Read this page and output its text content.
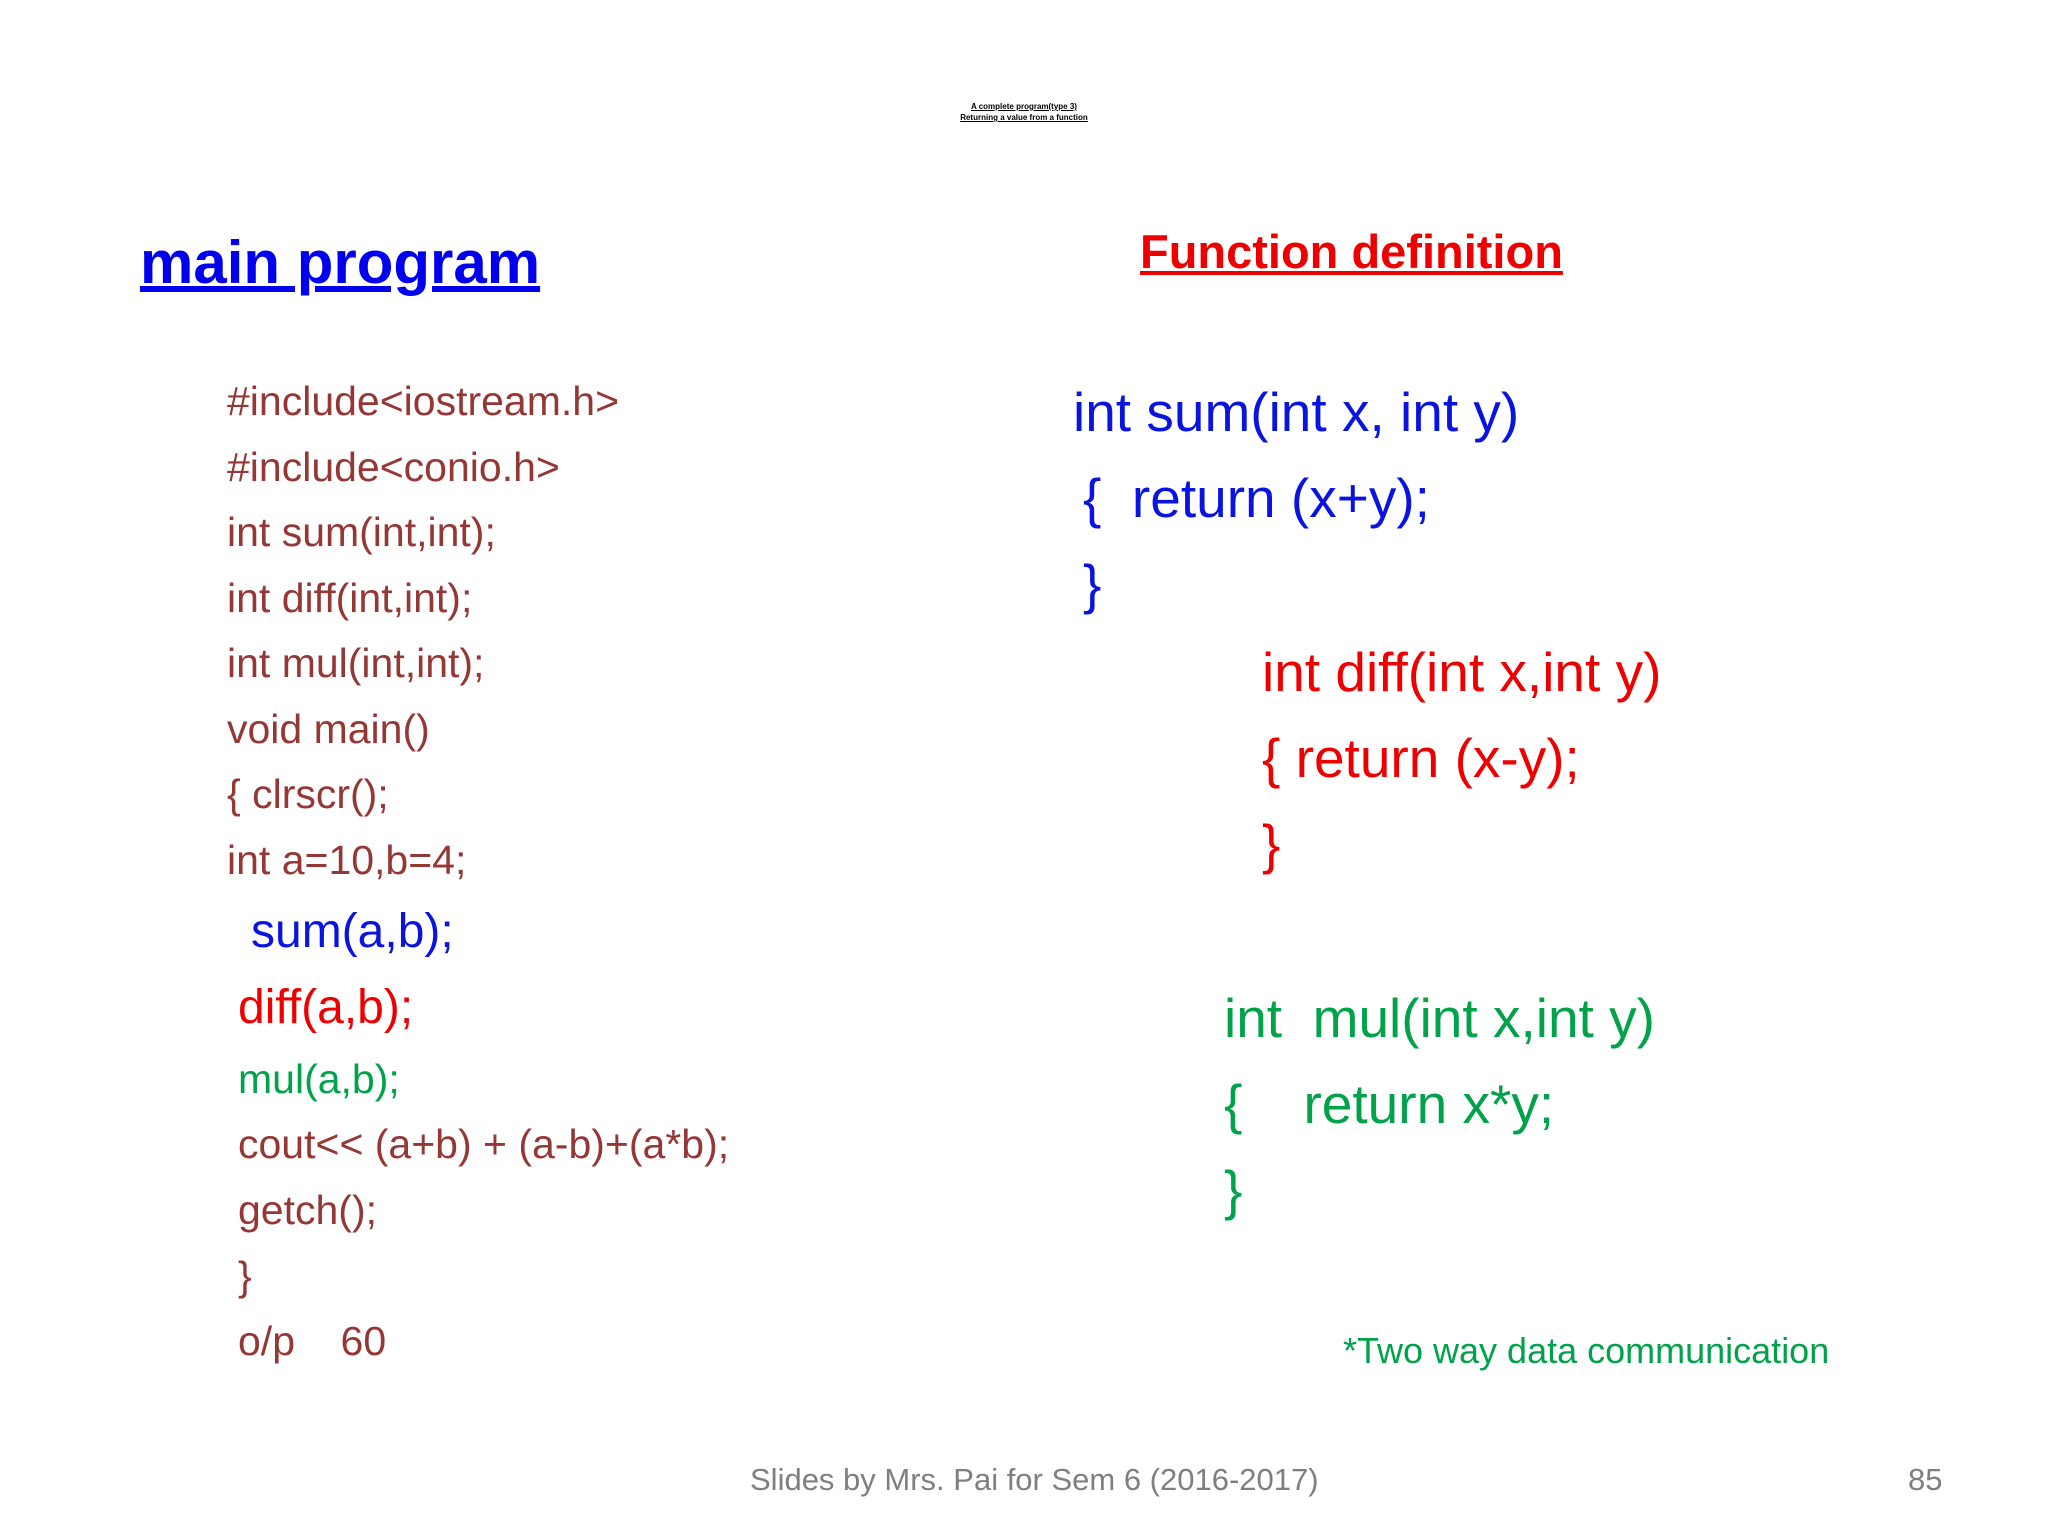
A complete program(type 3)
Returning a value from a function
main program	Function definition
#include<iostream.h>
#include<conio.h>
int sum(int,int);
int diff(int,int);
int mul(int,int);
void main()
{ clrscr();
int a=10,b=4;
sum(a,b);
diff(a,b);
mul(a,b);
cout<< (a+b) + (a-b)+(a*b);
getch();
}
o/p    60
int sum(int x, int y)
{  return (x+y);
}
int diff(int x,int y)
{ return (x-y);
}
int  mul(int x,int y)
{    return x*y;
}
*Two way data communication
Slides by Mrs. Pai for Sem 6 (2016-2017)	85
